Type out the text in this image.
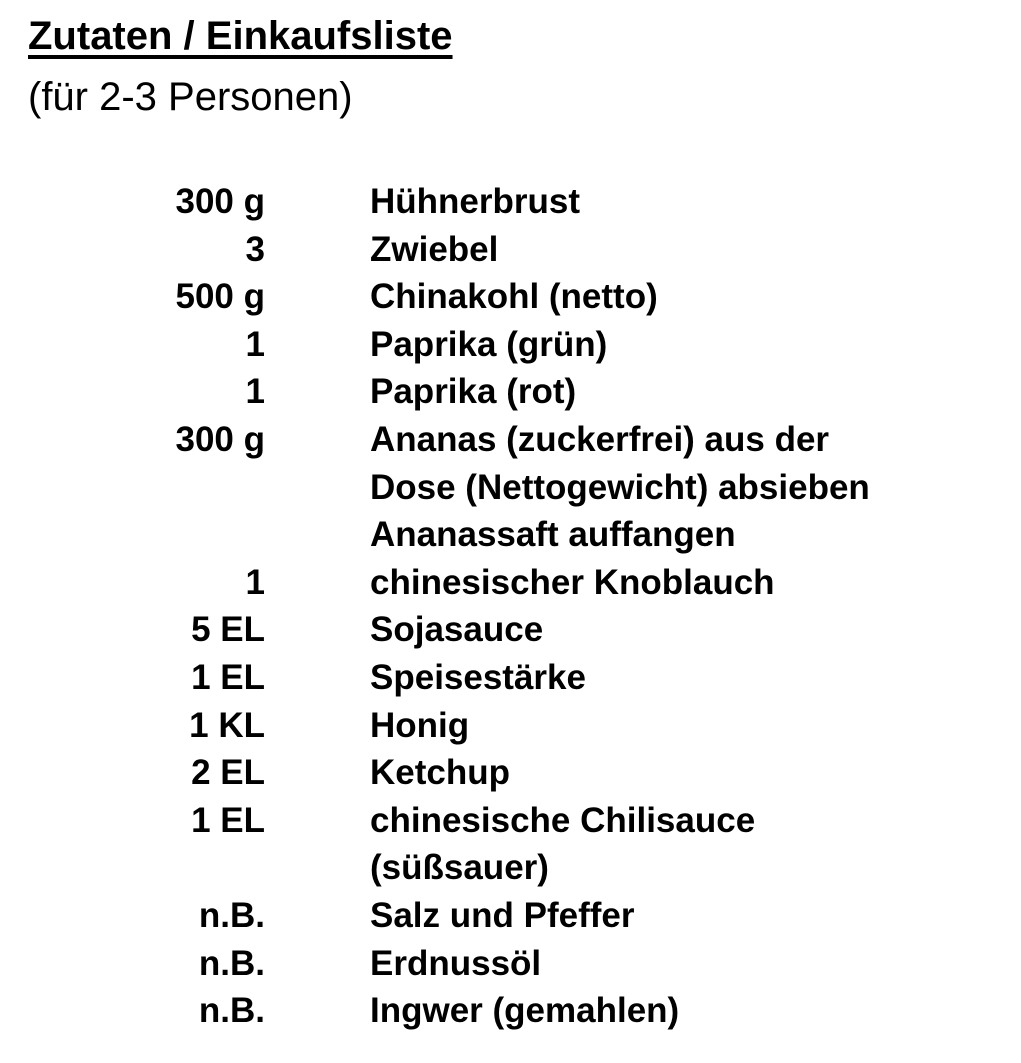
Zutaten / Einkaufsliste
(für 2-3 Personen)
300 g	Hühnerbrust
3	Zwiebel
500 g	Chinakohl (netto)
1	Paprika (grün)
1	Paprika (rot)
300 g	Ananas (zuckerfrei) aus der
Dose (Nettogewicht) absieben
Ananassaft auffangen
1	chinesischer Knoblauch
5 EL	Sojasauce
1 EL	Speisestärke
1 KL	Honig
2 EL	Ketchup
1 EL	chinesische Chilisauce
(süßsauer)
n.B.	Salz und Pfeffer
n.B.	Erdnussöl
n.B.	Ingwer (gemahlen)
